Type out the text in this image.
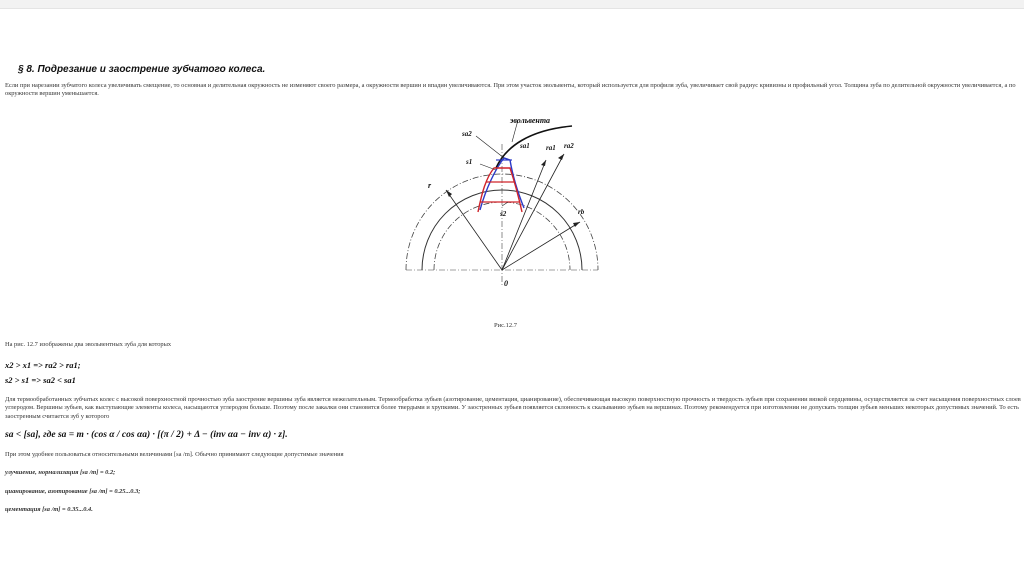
§ 8. Подрезание и заострение зубчатого колеса.
Если при нарезании зубчатого колеса увеличивать смещение, то основная и делительная окружность не изменяют своего размера, а окружности вершин и впадин увеличиваются. При этом участок эвольвенты, который используется для профиля зуба, увеличивает свой радиус кривизны и профильный угол. Толщина зуба по делительной окружности увеличивается, а по окружности вершин уменьшается.
эвольвента
sa2
sa1 ra1 ra2
s1
s2
r
rb
0
Рис.12.7
На рис. 12.7 изображены два эвольвентных зуба для которых
x2 > x1 => ra2 > ra1;
s2 > s1 => sa2 < sa1
Для термообработанных зубчатых колес с высокой поверхностной прочностью зуба заострение вершины зуба является нежелательным. Термообработка зубьев (азотирование, цементация, цианирование), обеспечивающая высокую поверхностную прочность и твердость зубьев при сохранении вязкой сердцевины, осуществляется за счет насыщения поверхностных слоев углеродом. Вершины зубьев, как выступающие элементы колеса, насыщаются углеродом больше. Поэтому после закалки они становятся более твердыми и хрупкими. У заостренных зубьев появляется склонность к скалыванию зубьев на вершинах. Поэтому рекомендуется при изготовлении не допускать толщин зубьев меньших некоторых допустимых значений. То есть заостренным считается зуб у которого
sa < [sa], где sa = m · (cos α / cos αa) · [(π / 2) + Δ − (inv αa − inv α) · z].
При этом удобнее пользоваться относительными величинами [sa /m]. Обычно принимают следующие допустимые значения
улучшение, нормализация [sa /m] = 0.2;
цианирование, азотирование [sa /m] = 0.25...0.3;
цементация [sa /m] = 0.35...0.4.
